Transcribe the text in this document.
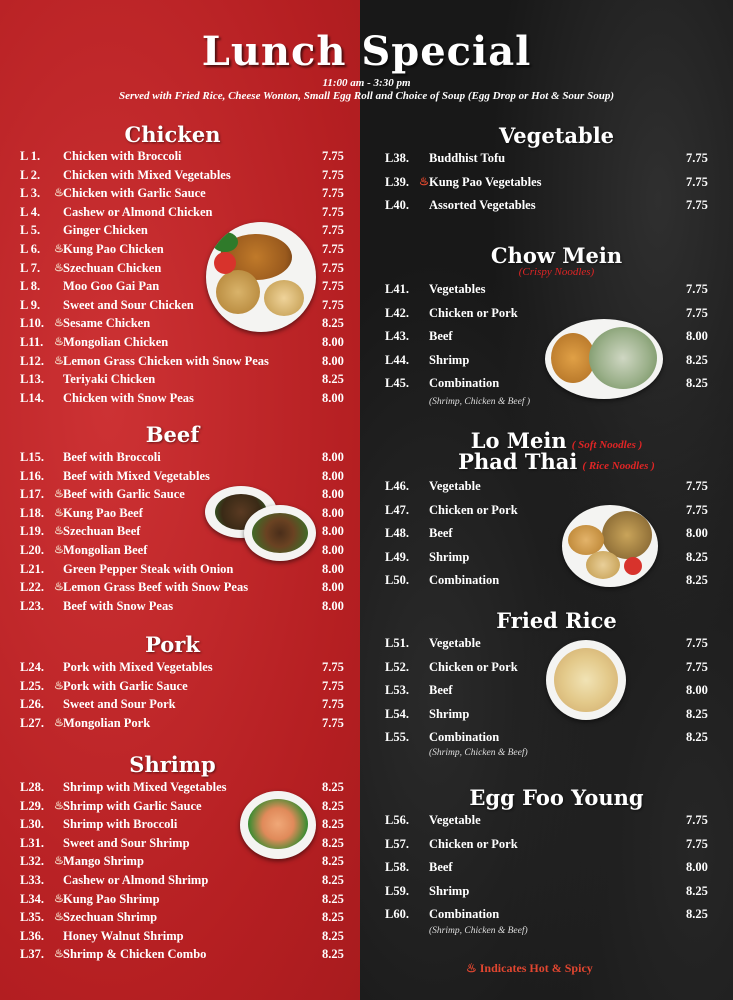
Lunch Special
11:00 am - 3:30 pm
Served with Fried Rice, Cheese Wonton, Small Egg Roll and Choice of Soup (Egg Drop or Hot & Sour Soup)
Chicken
L 1. Chicken with Broccoli	7.75
L 2. Chicken with Mixed Vegetables	7.75
L 3. ♨ Chicken with Garlic Sauce	7.75
L 4. Cashew or Almond Chicken	7.75
L 5. Ginger Chicken	7.75
L 6. ♨ Kung Pao Chicken	7.75
L 7. ♨ Szechuan Chicken	7.75
L 8. Moo Goo Gai Pan	7.75
L 9. Sweet and Sour Chicken	7.75
L10. ♨ Sesame Chicken	8.25
L11. ♨ Mongolian Chicken	8.00
L12. ♨ Lemon Grass Chicken with Snow Peas	8.00
L13. Teriyaki Chicken	8.25
L14. Chicken with Snow Peas	8.00
Beef
L15. Beef with Broccoli	8.00
L16. Beef with Mixed Vegetables	8.00
L17. ♨ Beef with Garlic Sauce	8.00
L18. ♨ Kung Pao Beef	8.00
L19. ♨ Szechuan Beef	8.00
L20. ♨ Mongolian Beef	8.00
L21. Green Pepper Steak with Onion	8.00
L22. ♨ Lemon Grass Beef with Snow Peas	8.00
L23. Beef with Snow Peas	8.00
Pork
L24. Pork with Mixed Vegetables	7.75
L25. ♨ Pork with Garlic Sauce	7.75
L26. Sweet and Sour Pork	7.75
L27. ♨ Mongolian Pork	7.75
Shrimp
L28. Shrimp with Mixed Vegetables	8.25
L29. ♨ Shrimp with Garlic Sauce	8.25
L30. Shrimp with Broccoli	8.25
L31. Sweet and Sour Shrimp	8.25
L32. ♨ Mango Shrimp	8.25
L33. Cashew or Almond Shrimp	8.25
L34. ♨ Kung Pao Shrimp	8.25
L35. ♨ Szechuan Shrimp	8.25
L36. Honey Walnut Shrimp	8.25
L37. ♨ Shrimp & Chicken Combo	8.25
Vegetable
L38. Buddhist Tofu	7.75
L39. ♨ Kung Pao Vegetables	7.75
L40. Assorted Vegetables	7.75
Chow Mein
(Crispy Noodles)
L41. Vegetables	7.75
L42. Chicken or Pork	7.75
L43. Beef	8.00
L44. Shrimp	8.25
L45. Combination	8.25
(Shrimp, Chicken & Beef )
Lo Mein ( Soft Noodles )
Phad Thai ( Rice Noodles )
L46. Vegetable	7.75
L47. Chicken or Pork	7.75
L48. Beef	8.00
L49. Shrimp	8.25
L50. Combination	8.25
Fried Rice
L51. Vegetable	7.75
L52. Chicken or Pork	7.75
L53. Beef	8.00
L54. Shrimp	8.25
L55. Combination	8.25
(Shrimp, Chicken & Beef)
Egg Foo Young
L56. Vegetable	7.75
L57. Chicken or Pork	7.75
L58. Beef	8.00
L59. Shrimp	8.25
L60. Combination	8.25
(Shrimp, Chicken & Beef)
♨ Indicates Hot & Spicy
